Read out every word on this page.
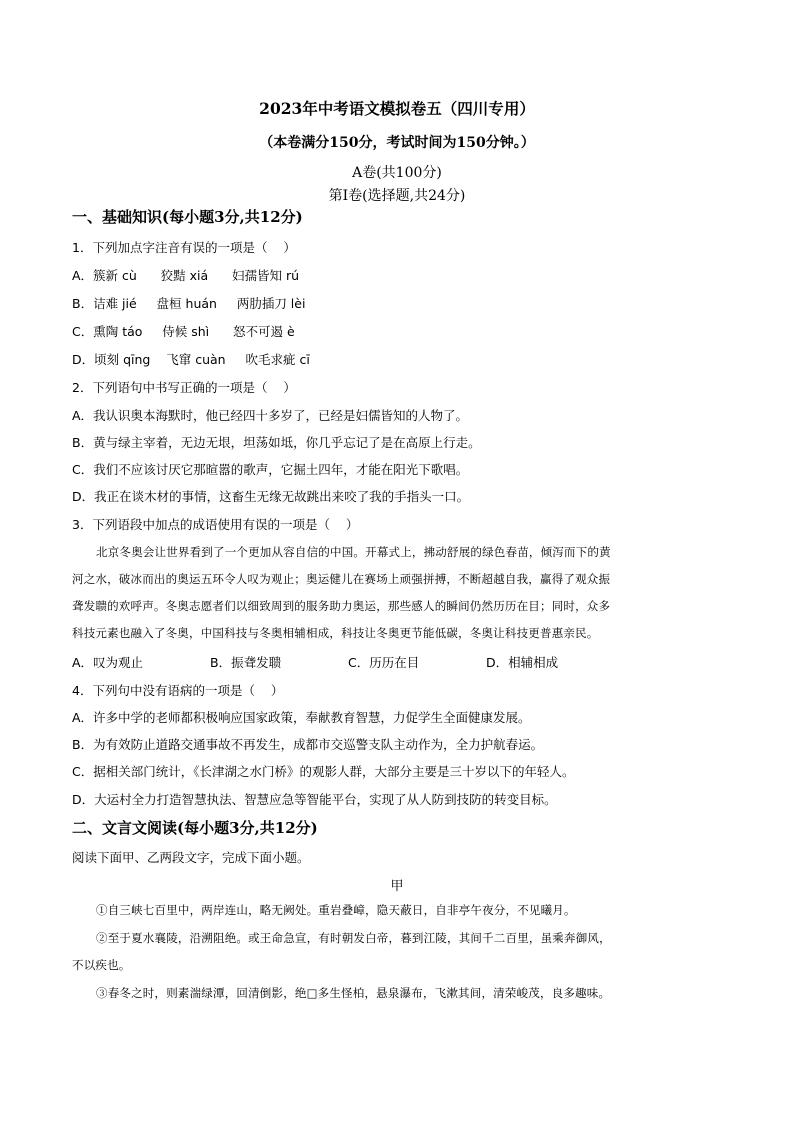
2023年中考语文模拟卷五（四川专用）
（本卷满分150分，考试时间为150分钟。）
A卷(共100分)
第Ⅰ卷(选择题,共24分)
一、基础知识(每小题3分,共12分)
1．下列加点字注音有误的一项是（    ）
A．簇新 cù      狡黠 xiá      妇孺皆知 rú
B．诘难 jié     盘桓 huán     两肋插刀 lèi
C．熏陶 táo     侍候 shì      怒不可遏 è
D．顷刻 qīng    飞窜 cuàn     吹毛求疵 cī
2．下列语句中书写正确的一项是（    ）
A．我认识奥本海默时，他已经四十多岁了，已经是妇儒皆知的人物了。
B．黄与绿主宰着，无边无垠，坦荡如坻，你几乎忘记了是在高原上行走。
C．我们不应该讨厌它那暄嚣的歌声，它掘土四年，才能在阳光下歌唱。
D．我正在谈木材的事情，这畜生无缘无故跳出来咬了我的手指头一口。
3．下列语段中加点的成语使用有误的一项是（    ）
北京冬奥会让世界看到了一个更加从容自信的中国。开幕式上，拂动舒展的绿色春苗，倾泻而下的黄
河之水，破冰而出的奥运五环令人叹为观止；奥运健儿在赛场上顽强拼搏，不断超越自我，赢得了观众振
聋发聩的欢呼声。冬奥志愿者们以细致周到的服务助力奥运，那些感人的瞬间仍然历历在目；同时，众多
科技元素也融入了冬奥，中国科技与冬奥相辅相成，科技让冬奥更节能低碳，冬奥让科技更普惠亲民。
A．叹为观止	B．振聋发聩	C．历历在目	D．相辅相成
4．下列句中没有语病的一项是（    ）
A．许多中学的老师都积极响应国家政策，奉献教育智慧，力促学生全面健康发展。
B．为有效防止道路交通事故不再发生，成都市交巡警支队主动作为，全力护航春运。
C．据相关部门统计，《长津湖之水门桥》的观影人群，大部分主要是三十岁以下的年轻人。
D．大运村全力打造智慧执法、智慧应急等智能平台，实现了从人防到技防的转变目标。
二、文言文阅读(每小题3分,共12分)
阅读下面甲、乙两段文字，完成下面小题。
甲
①自三峡七百里中，两岸连山，略无阙处。重岩叠嶂，隐天蔽日，自非亭午夜分，不见曦月。
②至于夏水襄陵，沿溯阻绝。或王命急宣，有时朝发白帝，暮到江陵，其间千二百里，虽乘奔御风，
不以疾也。
③春冬之时，则素湍绿潭，回清倒影，绝□多生怪柏，悬泉瀑布，飞漱其间，清荣峻茂，良多趣味。
